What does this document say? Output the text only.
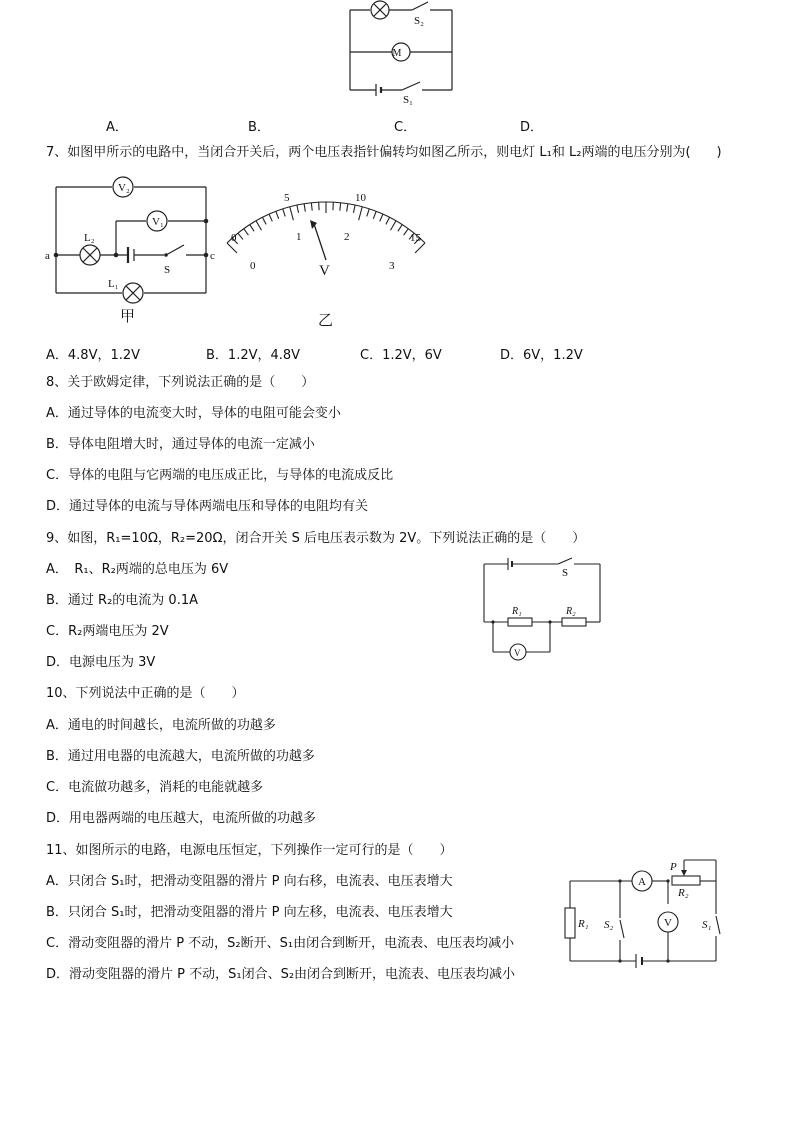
S₂
M
S₁
A．	B．	C．	D．
7、如图甲所示的电路中，当闭合开关后，两个电压表指针偏转均如图乙所示，则电灯 L₁和 L₂两端的电压分别为(　　)
V₂
V₁
L₂
L₁
a	c
S
甲
0
5	10
15
0
1	2
3
V
乙
A．4.8V，1.2V	B．1.2V，4.8V	C．1.2V，6V	D．6V，1.2V
8、关于欧姆定律，下列说法正确的是（　　）
A．通过导体的电流变大时，导体的电阻可能会变小
B．导体电阻增大时，通过导体的电流一定减小
C．导体的电阻与它两端的电压成正比，与导体的电流成反比
D．通过导体的电流与导体两端电压和导体的电阻均有关
9、如图，R₁=10Ω，R₂=20Ω，闭合开关 S 后电压表示数为 2V。下列说法正确的是（　　）
A．　R₁、R₂两端的总电压为 6V
B．通过 R₂的电流为 0.1A
C．R₂两端电压为 2V
D．电源电压为 3V
S
R₁	R₂
V
10、下列说法中正确的是（　　）
A．通电的时间越长，电流所做的功越多
B．通过用电器的电流越大，电流所做的功越多
C．电流做功越多，消耗的电能就越多
D．用电器两端的电压越大，电流所做的功越多
11、如图所示的电路，电源电压恒定，下列操作一定可行的是（　　）
A．只闭合 S₁时，把滑动变阻器的滑片 P 向右移，电流表、电压表增大
B．只闭合 S₁时，把滑动变阻器的滑片 P 向左移，电流表、电压表增大
C．滑动变阻器的滑片 P 不动，S₂断开、S₁由闭合到断开，电流表、电压表均减小
D．滑动变阻器的滑片 P 不动，S₁闭合、S₂由闭合到断开，电流表、电压表均减小
A
P
R₂
R₁ S₂	V	S₁
